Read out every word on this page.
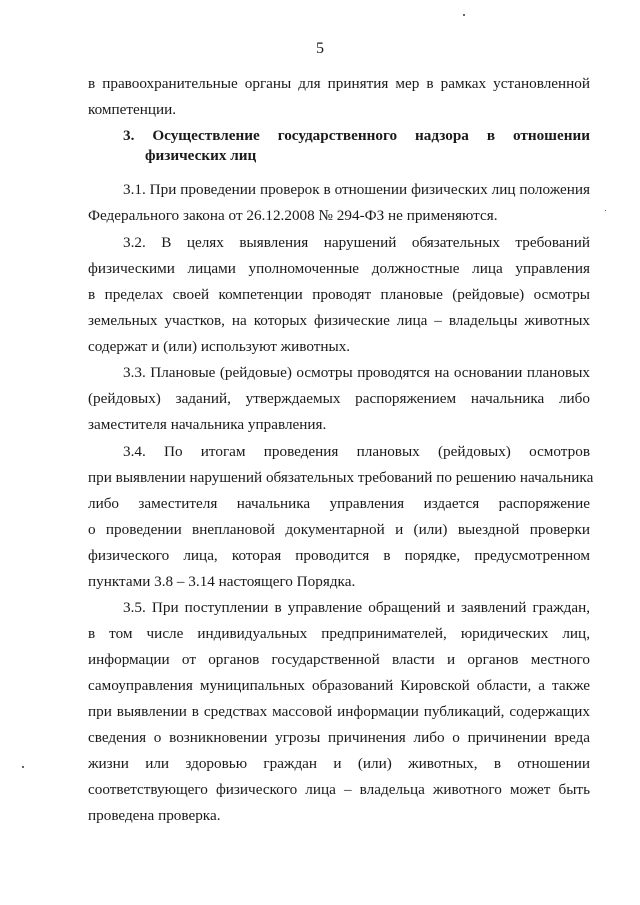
5
в правоохранительные органы для принятия мер в рамках установленной
компетенции.
3. Осуществление государственного надзора в отношении
физических лиц
3.1. При проведении проверок в отношении физических лиц положения
Федерального закона от 26.12.2008 № 294-ФЗ не применяются.
3.2. В целях выявления нарушений обязательных требований
физическими лицами уполномоченные должностные лица управления
в пределах своей компетенции проводят плановые (рейдовые) осмотры
земельных участков, на которых физические лица – владельцы животных
содержат и (или) используют животных.
3.3. Плановые (рейдовые) осмотры проводятся на основании плановых
(рейдовых) заданий, утверждаемых распоряжением начальника либо
заместителя начальника управления.
3.4. По итогам проведения плановых (рейдовых) осмотров
при выявлении нарушений обязательных требований по решению начальника
либо заместителя начальника управления издается распоряжение
о проведении внеплановой документарной и (или) выездной проверки
физического лица, которая проводится в порядке, предусмотренном
пунктами 3.8 – 3.14 настоящего Порядка.
3.5. При поступлении в управление обращений и заявлений граждан,
в том числе индивидуальных предпринимателей, юридических лиц,
информации от органов государственной власти и органов местного
самоуправления муниципальных образований Кировской области, а также
при выявлении в средствах массовой информации публикаций, содержащих
сведения о возникновении угрозы причинения либо о причинении вреда
жизни или здоровью граждан и (или) животных, в отношении
соответствующего физического лица – владельца животного может быть
проведена проверка.
